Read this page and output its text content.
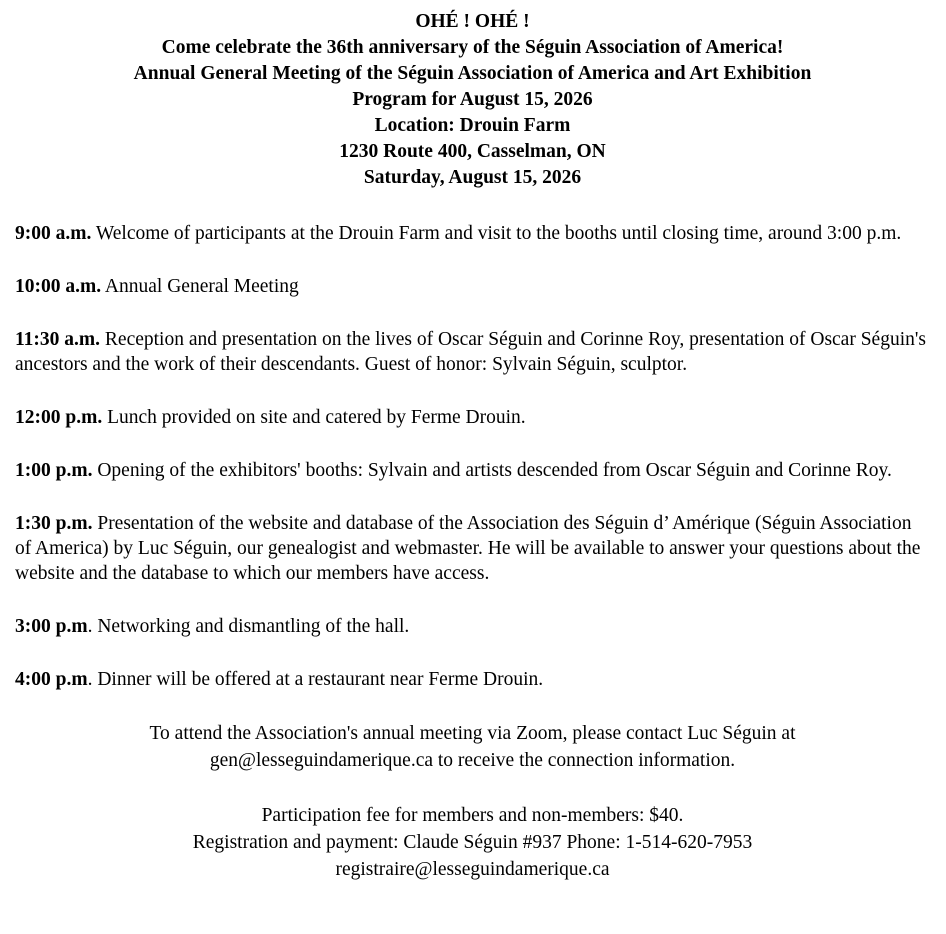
OHÉ ! OHÉ !
Come celebrate the 36th anniversary of the Séguin Association of America!
Annual General Meeting of the Séguin Association of America and Art Exhibition
Program for August 15, 2026
Location: Drouin Farm
1230 Route 400, Casselman, ON
Saturday, August 15, 2026

9:00 a.m. Welcome of participants at the Drouin Farm and visit to the booths until closing time, around 3:00 p.m.

10:00 a.m. Annual General Meeting

11:30 a.m. Reception and presentation on the lives of Oscar Séguin and Corinne Roy, presentation of Oscar Séguin's ancestors and the work of their descendants. Guest of honor: Sylvain Séguin, sculptor.

12:00 p.m. Lunch provided on site and catered by Ferme Drouin.

1:00 p.m. Opening of the exhibitors' booths: Sylvain and artists descended from Oscar Séguin and Corinne Roy.

1:30 p.m. Presentation of the website and database of the Association des Séguin d’ Amérique (Séguin Association of America) by Luc Séguin, our genealogist and webmaster. He will be available to answer your questions about the website and the database to which our members have access.

3:00 p.m. Networking and dismantling of the hall.

4:00 p.m. Dinner will be offered at a restaurant near Ferme Drouin.

To attend the Association's annual meeting via Zoom, please contact Luc Séguin at
gen@lesseguindamerique.ca to receive the connection information.
Participation fee for members and non-members: $40.
Registration and payment: Claude Séguin #937 Phone: 1-514-620-7953
registraire@lesseguindamerique.ca
